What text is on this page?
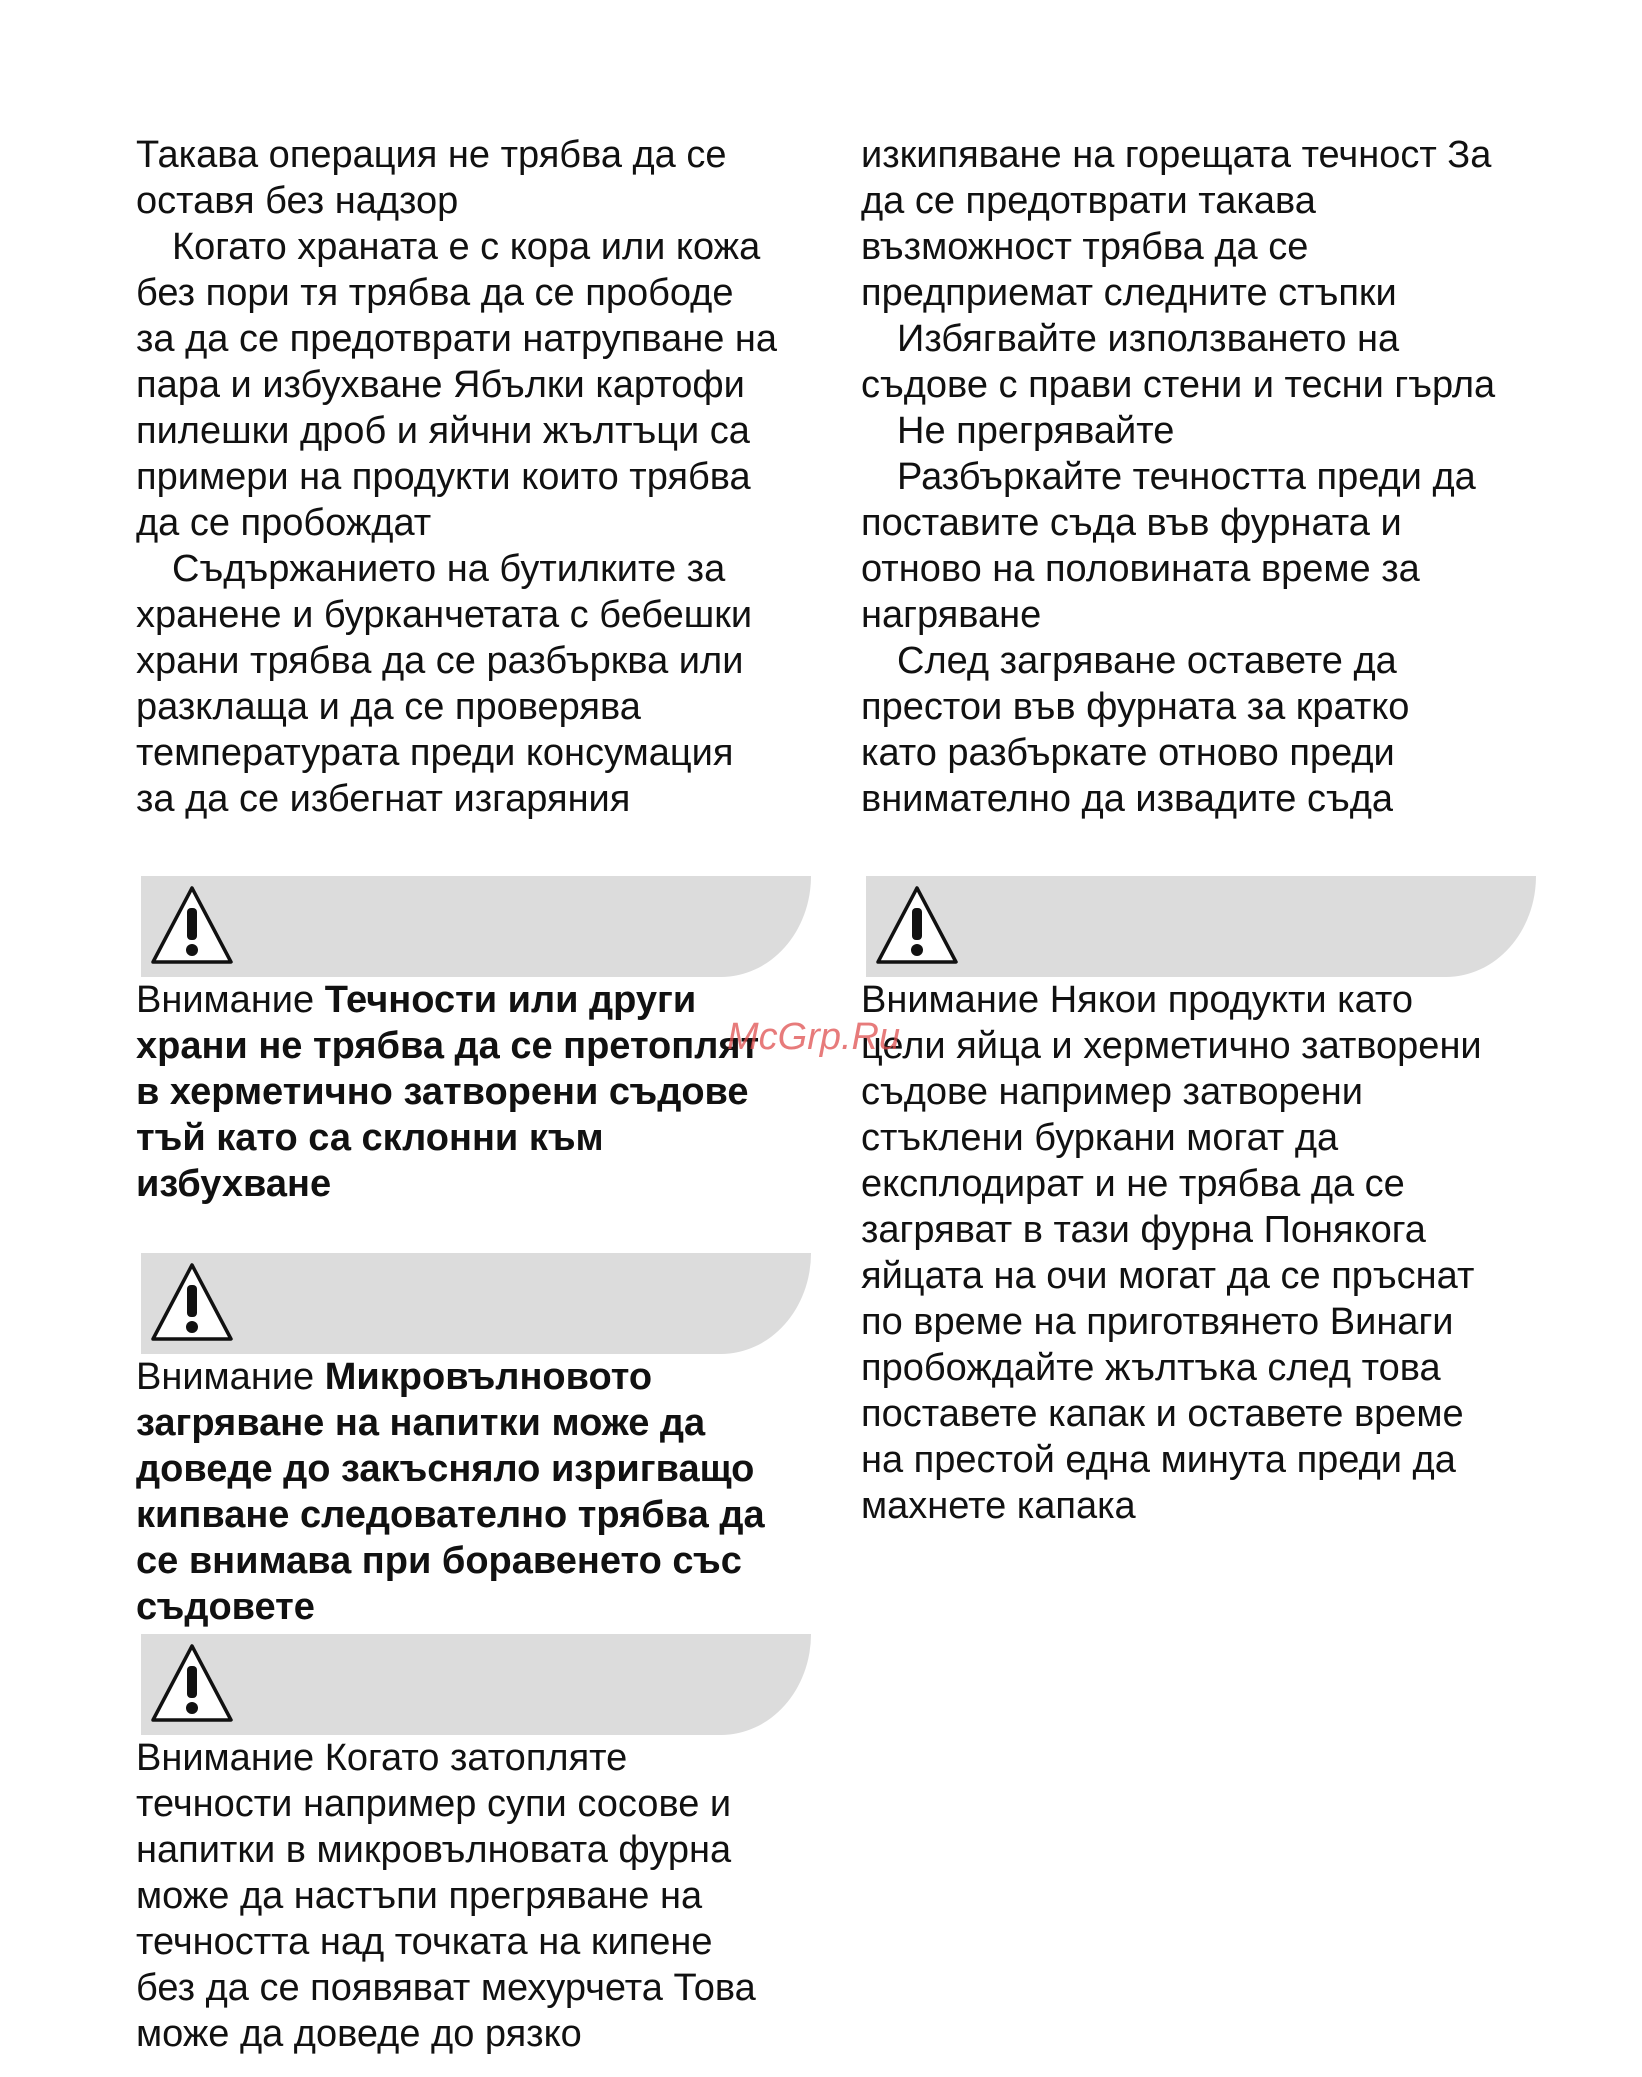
Такава операция не трябва да се
оставя без надзор

Когато храната е с кора или кожа
без пори тя трябва да се прободе
за да се предотврати натрупване на
пара и избухване Ябълки картофи
пилешки дроб и яйчни жълтъци са
примери на продукти които трябва
да се пробождат

Съдържанието на бутилките за
хранене и бурканчетата с бебешки
храни трябва да се разбърква или
разклаща и да се проверява
температурата преди консумация
за да се избегнат изгаряния

Внимание Течности или други
храни не трябва да се претоплят
в херметично затворени съдове
тъй като са склонни към
избухване

Внимание Микровълновото
загряване на напитки може да
доведе до закъсняло изригващо
кипване следователно трябва да
се внимава при боравенето със
съдовете

Внимание Когато затопляте
течности например супи сосове и
напитки в микровълновата фурна
може да настъпи прегряване на
течността над точката на кипене
без да се появяват мехурчета Това
може да доведе до рязко

изкипяване на горещата течност За
да се предотврати такава
възможност трябва да се
предприемат следните стъпки

Избягвайте използването на
съдове с прави стени и тесни гърла

Не прегрявайте

Разбъркайте течността преди да
поставите съда във фурната и
отново на половината време за
нагряване

След загряване оставете да
престои във фурната за кратко
като разбъркате отново преди
внимателно да извадите съда

Внимание Някои продукти като
цели яйца и херметично затворени
съдове например затворени
стъклени буркани могат да
експлодират и не трябва да се
загряват в тази фурна Понякога
яйцата на очи могат да се пръснат
по време на приготвянето Винаги
пробождайте жълтъка след това
поставете капак и оставете време
на престой една минута преди да
махнете капака

McGrp.Ru
